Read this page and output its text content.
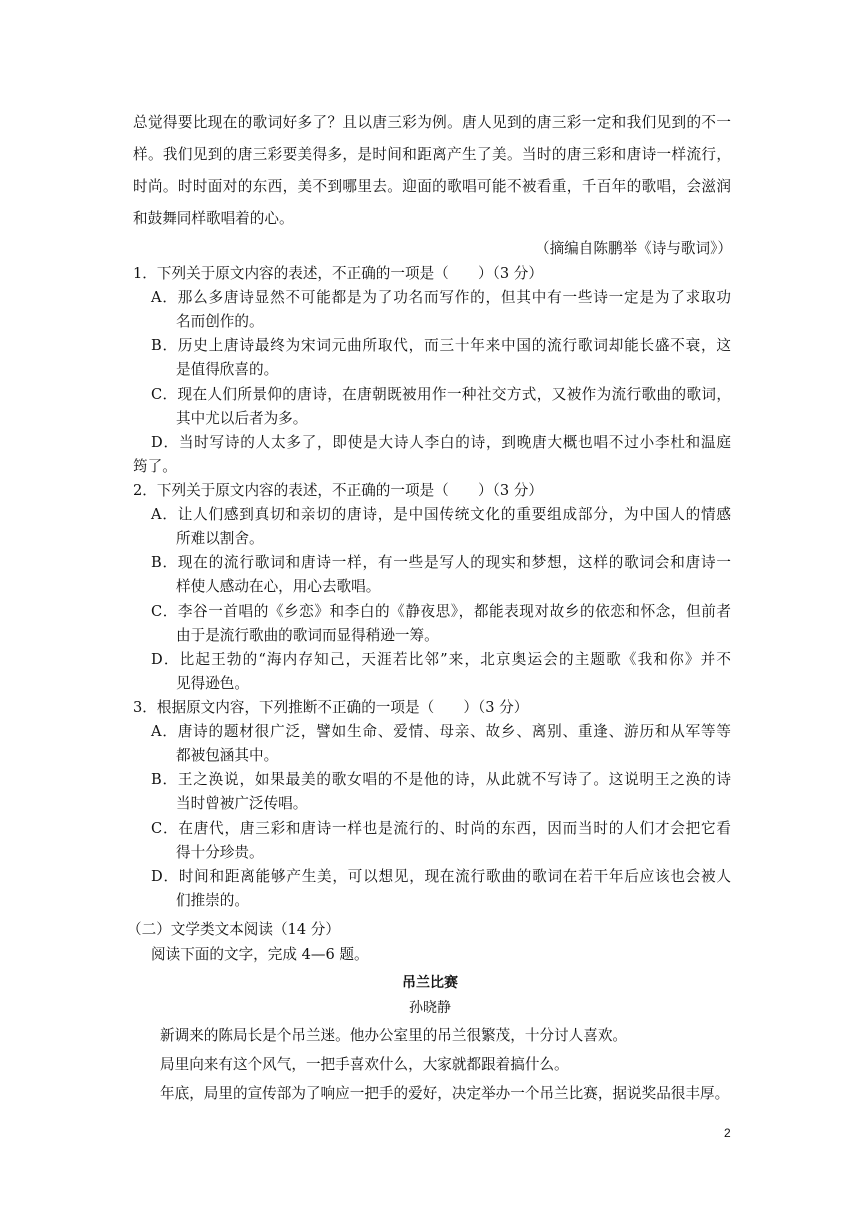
总觉得要比现在的歌词好多了？且以唐三彩为例。唐人见到的唐三彩一定和我们见到的不一
样。我们见到的唐三彩要美得多，是时间和距离产生了美。当时的唐三彩和唐诗一样流行，
时尚。时时面对的东西，美不到哪里去。迎面的歌唱可能不被看重，千百年的歌唱，会滋润
和鼓舞同样歌唱着的心。
（摘编自陈鹏举《诗与歌词》）
1．下列关于原文内容的表述，不正确的一项是（　　）（3 分）
A．那么多唐诗显然不可能都是为了功名而写作的，但其中有一些诗一定是为了求取功
名而创作的。
B．历史上唐诗最终为宋词元曲所取代，而三十年来中国的流行歌词却能长盛不衰，这
是值得欣喜的。
C．现在人们所景仰的唐诗，在唐朝既被用作一种社交方式，又被作为流行歌曲的歌词，
其中尤以后者为多。
D．当时写诗的人太多了，即使是大诗人李白的诗，到晚唐大概也唱不过小李杜和温庭
筠了。
2．下列关于原文内容的表述，不正确的一项是（　　）（3 分）
A．让人们感到真切和亲切的唐诗，是中国传统文化的重要组成部分，为中国人的情感
所难以割舍。
B．现在的流行歌词和唐诗一样，有一些是写人的现实和梦想，这样的歌词会和唐诗一
样使人感动在心，用心去歌唱。
C．李谷一首唱的《乡恋》和李白的《静夜思》，都能表现对故乡的依恋和怀念，但前者
由于是流行歌曲的歌词而显得稍逊一筹。
D．比起王勃的“海内存知己，天涯若比邻”来，北京奥运会的主题歌《我和你》并不
见得逊色。
3．根据原文内容，下列推断不正确的一项是（　　）（3 分）
A．唐诗的题材很广泛，譬如生命、爱情、母亲、故乡、离别、重逢、游历和从军等等
都被包涵其中。
B．王之涣说，如果最美的歌女唱的不是他的诗，从此就不写诗了。这说明王之涣的诗
当时曾被广泛传唱。
C．在唐代，唐三彩和唐诗一样也是流行的、时尚的东西，因而当时的人们才会把它看
得十分珍贵。
D．时间和距离能够产生美，可以想见，现在流行歌曲的歌词在若干年后应该也会被人
们推崇的。
（二）文学类文本阅读（14 分）
阅读下面的文字，完成 4—6 题。
吊兰比赛
孙晓静
新调来的陈局长是个吊兰迷。他办公室里的吊兰很繁茂，十分讨人喜欢。
局里向来有这个风气，一把手喜欢什么，大家就都跟着搞什么。
年底，局里的宣传部为了响应一把手的爱好，决定举办一个吊兰比赛，据说奖品很丰厚。
2
